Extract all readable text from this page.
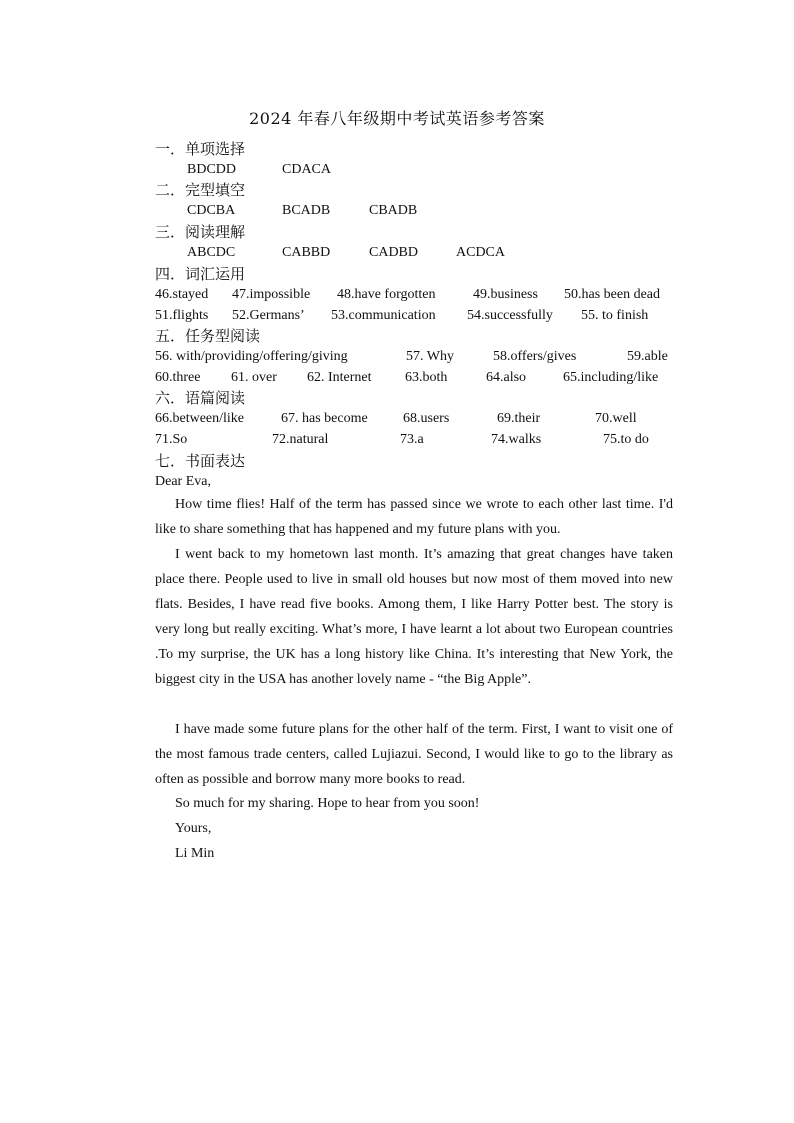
2024 年春八年级期中考试英语参考答案
一．单项选择
BDCDD	CDACA
二．完型填空
CDCBA	BCADB	CBADB
三．阅读理解
ABCDC	CABBD	CADBD	ACDCA
四．词汇运用
46.stayed 47.impossible 48.have forgotten	49.business 50.has been dead
51.flights 52.Germans’ 53.communication 54.successfully 55. to finish
五．任务型阅读
56. with/providing/offering/giving	57. Why	58.offers/gives	59.able
60.three 61. over 62. Internet 63.both	64.also	65.including/like
六．语篇阅读
66.between/like	67. has become	68.users	69.their	70.well
71.So	72.natural	73.a	74.walks	75.to do
七．书面表达
Dear Eva,
How time flies! Half of the term has passed since we wrote to each other last time. I'd like to share something that has happened and my future plans with you.
I went back to my hometown last month. It’s amazing that great changes have taken place there. People used to live in small old houses but now most of them moved into new flats. Besides, I have read five books. Among them, I like Harry Potter best. The story is very long but really exciting. What’s more, I have learnt a lot about two European countries .To my surprise, the UK has a long history like China. It’s interesting that New York, the biggest city in the USA has another lovely name - “the Big Apple”.
I have made some future plans for the other half of the term. First, I want to visit one of the most famous trade centers, called Lujiazui. Second, I would like to go to the library as often as possible and borrow many more books to read.
So much for my sharing. Hope to hear from you soon!
Yours,
Li Min
